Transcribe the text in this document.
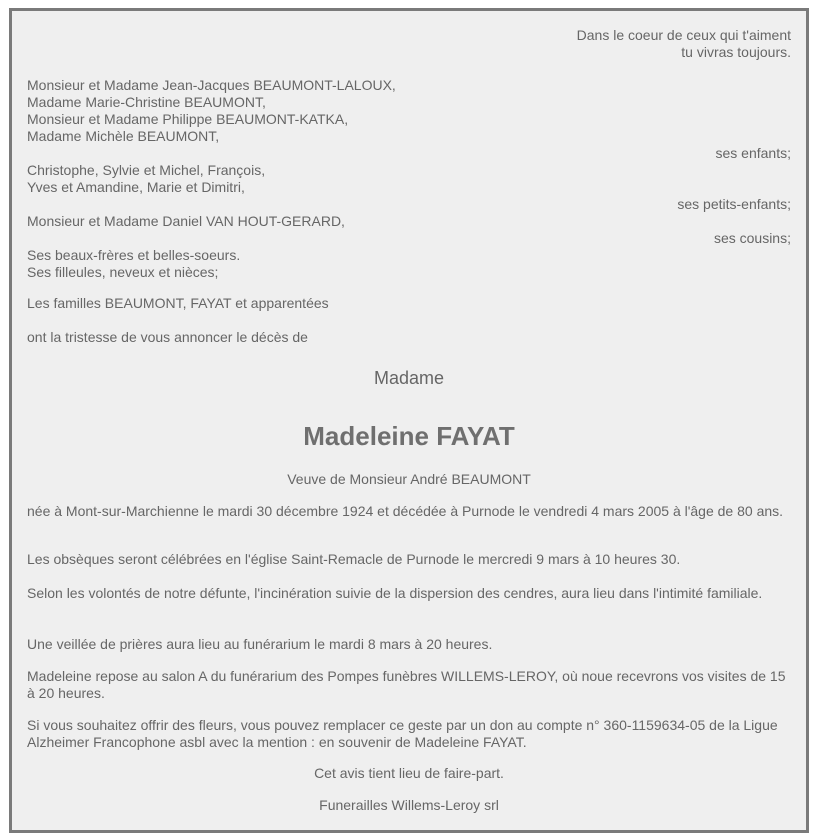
Dans le coeur de ceux qui t'aiment
tu vivras toujours.
Monsieur et Madame Jean-Jacques BEAUMONT-LALOUX,
Madame Marie-Christine BEAUMONT,
Monsieur et Madame Philippe BEAUMONT-KATKA,
Madame Michèle BEAUMONT,
ses enfants;
Christophe, Sylvie et Michel, François,
Yves et Amandine, Marie et Dimitri,
ses petits-enfants;
Monsieur et Madame Daniel VAN HOUT-GERARD,
ses cousins;
Ses beaux-frères et belles-soeurs.
Ses filleules, neveux et nièces;
Les familles BEAUMONT, FAYAT et apparentées
ont la tristesse de vous annoncer le décès de
Madame
Madeleine FAYAT
Veuve de Monsieur André BEAUMONT
née à Mont-sur-Marchienne le mardi 30 décembre 1924 et décédée à Purnode le vendredi 4 mars 2005 à l'âge de 80 ans.
Les obsèques seront célébrées en l'église Saint-Remacle de Purnode le mercredi 9 mars à 10 heures 30.
Selon les volontés de notre défunte, l'incinération suivie de la dispersion des cendres, aura lieu dans l'intimité familiale.
Une veillée de prières aura lieu au funérarium le mardi 8 mars à 20 heures.
Madeleine repose au salon A du funérarium des Pompes funèbres WILLEMS-LEROY, où noue recevrons vos visites de 15 à 20 heures.
Si vous souhaitez offrir des fleurs, vous pouvez remplacer ce geste par un don au compte n° 360-1159634-05 de la Ligue Alzheimer Francophone asbl avec la mention : en souvenir de Madeleine FAYAT.
Cet avis tient lieu de faire-part.
Funerailles Willems-Leroy srl
